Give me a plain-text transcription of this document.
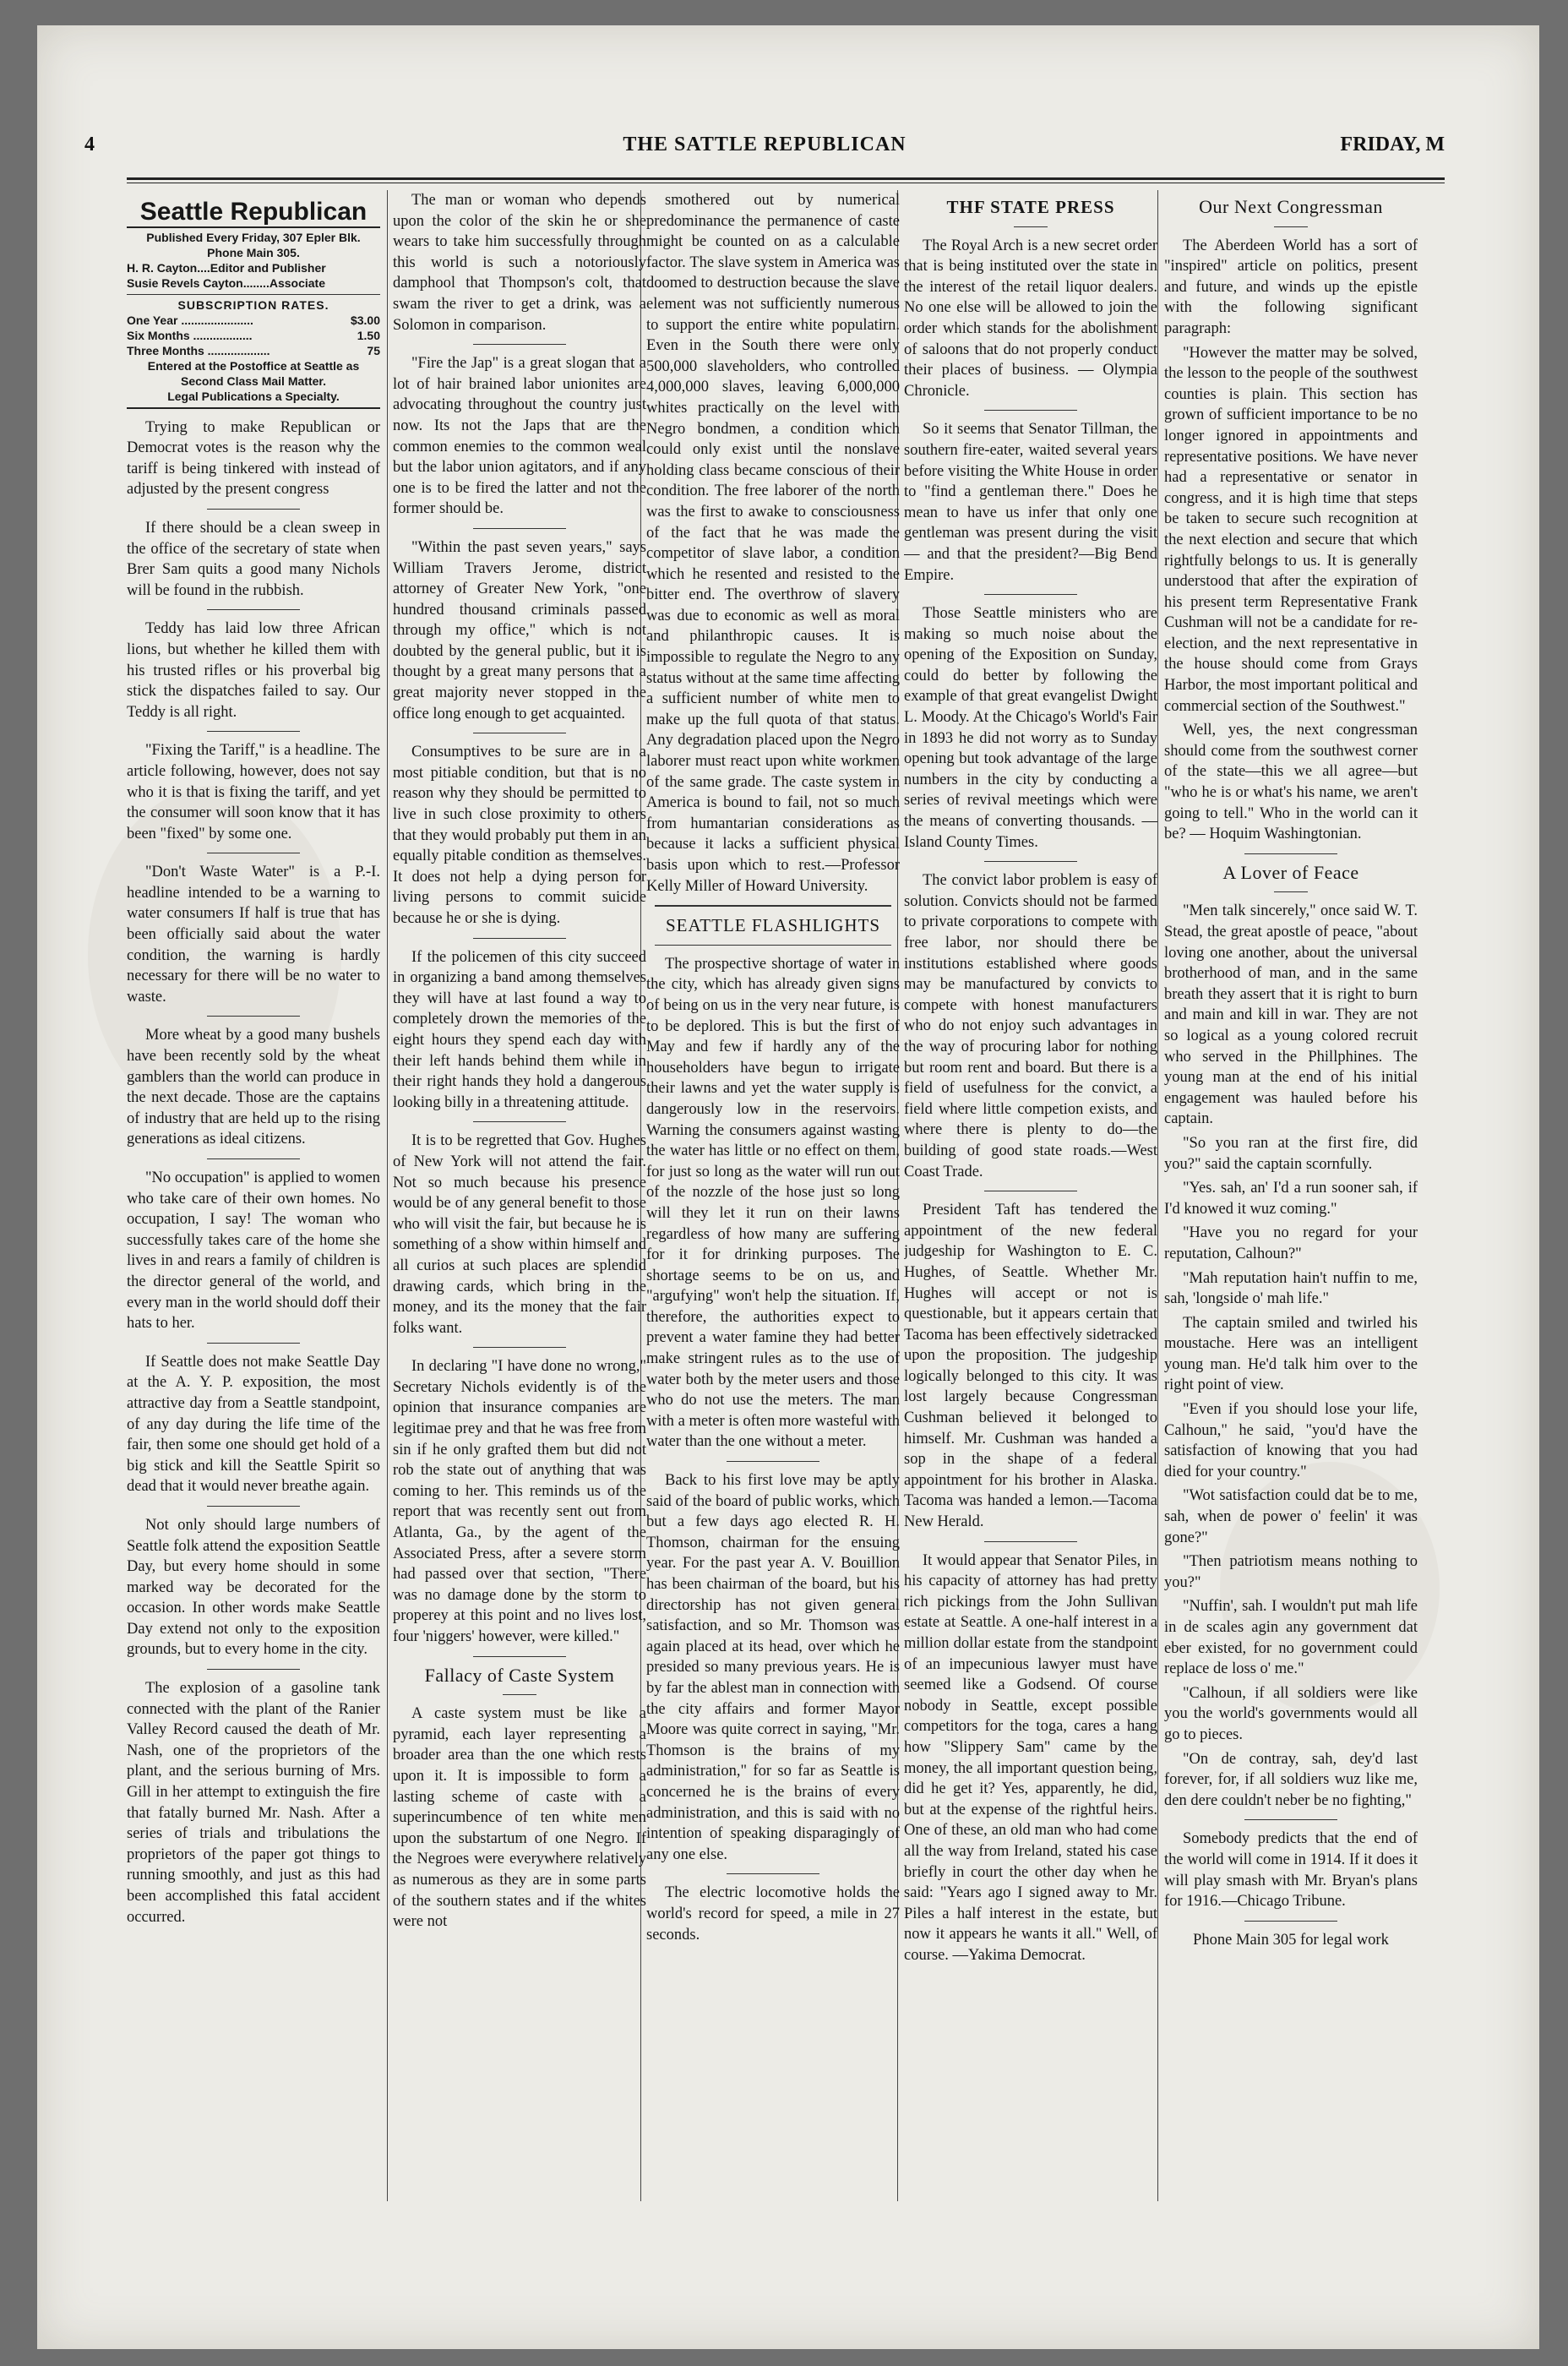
4	THE SATTLE REPUBLICAN	FRIDAY, M
Seattle Republican
Published Every Friday, 307 Epler Blk.
Phone Main 305.
H. R. Cayton....Editor and Publisher
Susie Revels Cayton........Associate
SUBSCRIPTION RATES.
One Year ......................	$3.00
Six Months ..................	1.50
Three Months ...................	75
Entered at the Postoffice at Seattle as Second Class Mail Matter.
Legal Publications a Specialty.

Trying to make Republican or Democrat votes is the reason why the tariff is being tinkered with instead of adjusted by the present congress

If there should be a clean sweep in the office of the secretary of state when Brer Sam quits a good many Nichols will be found in the rubbish.

Teddy has laid low three African lions, but whether he killed them with his trusted rifles or his proverbal big stick the dispatches failed to say. Our Teddy is all right.

"Fixing the Tariff," is a headline. The article following, however, does not say who it is that is fixing the tariff, and yet the consumer will soon know that it has been "fixed" by some one.

"Don't Waste Water" is a P.-I. headline intended to be a warning to water consumers If half is true that has been officially said about the water condition, the warning is hardly necessary for there will be no water to waste.

More wheat by a good many bushels have been recently sold by the wheat gamblers than the world can produce in the next decade. Those are the captains of industry that are held up to the rising generations as ideal citizens.

"No occupation" is applied to women who take care of their own homes. No occupation, I say! The woman who successfully takes care of the home she lives in and rears a family of children is the director general of the world, and every man in the world should doff their hats to her.

If Seattle does not make Seattle Day at the A. Y. P. exposition, the most attractive day from a Seattle standpoint, of any day during the life time of the fair, then some one should get hold of a big stick and kill the Seattle Spirit so dead that it would never breathe again.

Not only should large numbers of Seattle folk attend the exposition Seattle Day, but every home should in some marked way be decorated for the occasion. In other words make Seattle Day extend not only to the exposition grounds, but to every home in the city.

The explosion of a gasoline tank connected with the plant of the Ranier Valley Record caused the death of Mr. Nash, one of the proprietors of the plant, and the serious burning of Mrs. Gill in her attempt to extinguish the fire that fatally burned Mr. Nash. After a series of trials and tribulations the proprietors of the paper got things to running smoothly, and just as this had been accomplished this fatal accident occurred.

The man or woman who depends upon the color of the skin he or she wears to take him successfully through this world is such a notoriously damphool that Thompson's colt, that swam the river to get a drink, was a Solomon in comparison.

"Fire the Jap" is a great slogan that a lot of hair brained labor unionites are advocating throughout the country just now. Its not the Japs that are the common enemies to the common weal but the labor union agitators, and if any one is to be fired the latter and not the former should be.

"Within the past seven years," says William Travers Jerome, district attorney of Greater New York, "one hundred thousand criminals passed through my office," which is not doubted by the general public, but it is thought by a great many persons that a great majority never stopped in the office long enough to get acquainted.

Consumptives to be sure are in a most pitiable condition, but that is no reason why they should be permitted to live in such close proximity to others that they would probably put them in an equally pitable condition as themselves. It does not help a dying person for living persons to commit suicide because he or she is dying.

If the policemen of this city succeed in organizing a band among themselves they will have at last found a way to completely drown the memories of the eight hours they spend each day with their left hands behind them while in their right hands they hold a dangerous looking billy in a threatening attitude.

It is to be regretted that Gov. Hughes of New York will not attend the fair. Not so much because his presence would be of any general benefit to those who will visit the fair, but because he is something of a show within himself and all curios at such places are splendid drawing cards, which bring in the money, and its the money that the fair folks want.

In declaring "I have done no wrong," Secretary Nichols evidently is of the opinion that insurance companies are legitimae prey and that he was free from sin if he only grafted them but did not rob the state out of anything that was coming to her. This reminds us of the report that was recently sent out from Atlanta, Ga., by the agent of the Associated Press, after a severe storm had passed over that section, "There was no damage done by the storm to properey at this point and no lives lost, four 'niggers' however, were killed."

Fallacy of Caste System

A caste system must be like a pyramid, each layer representing a broader area than the one which rests upon it. It is impossible to form a lasting scheme of caste with a superincumbence of ten white men upon the substartum of one Negro. If the Negroes were everywhere relatively as numerous as they are in some parts of the southern states and if the whites were not

smothered out by numerical predominance the permanence of caste might be counted on as a calculable factor. The slave system in America was doomed to destruction because the slave element was not sufficiently numerous to support the entire white populatirn. Even in the South there were only 500,000 slaveholders, who controlled 4,000,000 slaves, leaving 6,000,000 whites practically on the level with Negro bondmen, a condition which could only exist until the nonslave holding class became conscious of their condition. The free laborer of the north was the first to awake to consciousness of the fact that he was made the competitor of slave labor, a condition which he resented and resisted to the bitter end. The overthrow of slavery was due to economic as well as moral and philanthropic causes. It is impossible to regulate the Negro to any status without at the same time affecting a sufficient number of white men to make up the full quota of that status. Any degradation placed upon the Negro laborer must react upon white workmen of the same grade. The caste system in America is bound to fail, not so much from humantarian considerations as because it lacks a sufficient physical basis upon which to rest.—Professor Kelly Miller of Howard University.

SEATTLE FLASHLIGHTS

The prospective shortage of water in the city, which has already given signs of being on us in the very near future, is to be deplored. This is but the first of May and few if hardly any of the householders have begun to irrigate their lawns and yet the water supply is dangerously low in the reservoirs. Warning the consumers against wasting the water has little or no effect on them, for just so long as the water will run out of the nozzle of the hose just so long will they let it run on their lawns regardless of how many are suffering for it for drinking purposes. The shortage seems to be on us, and "argufying" won't help the situation. If, therefore, the authorities expect to prevent a water famine they had better make stringent rules as to the use of water both by the meter users and those who do not use the meters. The man with a meter is often more wasteful with water than the one without a meter.

Back to his first love may be aptly said of the board of public works, which but a few days ago elected R. H. Thomson, chairman for the ensuing year. For the past year A. V. Bouillion has been chairman of the board, but his directorship has not given general satisfaction, and so Mr. Thomson was again placed at its head, over which he presided so many previous years. He is by far the ablest man in connection with the city affairs and former Mayor Moore was quite correct in saying, "Mr. Thomson is the brains of my administration," for so far as Seattle is concerned he is the brains of every administration, and this is said with no intention of speaking disparagingly of any one else.

The electric locomotive holds the world's record for speed, a mile in 27 seconds.

THF STATE PRESS

The Royal Arch is a new secret order that is being instituted over the state in the interest of the retail liquor dealers. No one else will be allowed to join the order which stands for the abolishment of saloons that do not properly conduct their places of business. — Olympia Chronicle.

So it seems that Senator Tillman, the southern fire-eater, waited several years before visiting the White House in order to "find a gentleman there." Does he mean to have us infer that only one gentleman was present during the visit — and that the president?—Big Bend Empire.

Those Seattle ministers who are making so much noise about the opening of the Exposition on Sunday, could do better by following the example of that great evangelist Dwight L. Moody. At the Chicago's World's Fair in 1893 he did not worry as to Sunday opening but took advantage of the large numbers in the city by conducting a series of revival meetings which were the means of converting thousands. —Island County Times.

The convict labor problem is easy of solution. Convicts should not be farmed to private corporations to compete with free labor, nor should there be institutions established where goods may be manufactured by convicts to compete with honest manufacturers who do not enjoy such advantages in the way of procuring labor for nothing but room rent and board. But there is a field of usefulness for the convict, a field where little competion exists, and where there is plenty to do—the building of good state roads.—West Coast Trade.

President Taft has tendered the appointment of the new federal judgeship for Washington to E. C. Hughes, of Seattle. Whether Mr. Hughes will accept or not is questionable, but it appears certain that Tacoma has been effectively sidetracked upon the proposition. The judgeship logically belonged to this city. It was lost largely because Congressman Cushman believed it belonged to himself. Mr. Cushman was handed a sop in the shape of a federal appointment for his brother in Alaska. Tacoma was handed a lemon.—Tacoma New Herald.

It would appear that Senator Piles, in his capacity of attorney has had pretty rich pickings from the John Sullivan estate at Seattle. A one-half interest in a million dollar estate from the standpoint of an impecunious lawyer must have seemed like a Godsend. Of course nobody in Seattle, except possible competitors for the toga, cares a hang how "Slippery Sam" came by the money, the all important question being, did he get it? Yes, apparently, he did, but at the expense of the rightful heirs. One of these, an old man who had come all the way from Ireland, stated his case briefly in court the other day when he said: "Years ago I signed away to Mr. Piles a half interest in the estate, but now it appears he wants it all." Well, of course. —Yakima Democrat.

Our Next Congressman

The Aberdeen World has a sort of "inspired" article on politics, present and future, and winds up the epistle with the following significant paragraph:

"However the matter may be solved, the lesson to the people of the southwest counties is plain. This section has grown of sufficient importance to be no longer ignored in appointments and representative positions. We have never had a representative or senator in congress, and it is high time that steps be taken to secure such recognition at the next election and secure that which rightfully belongs to us. It is generally understood that after the expiration of his present term Representative Frank Cushman will not be a candidate for re-election, and the next representative in the house should come from Grays Harbor, the most important political and commercial section of the Southwest."

Well, yes, the next congressman should come from the southwest corner of the state—this we all agree—but "who he is or what's his name, we aren't going to tell." Who in the world can it be? — Hoquim Washingtonian.

A Lover of Feace

"Men talk sincerely," once said W. T. Stead, the great apostle of peace, "about loving one another, about the universal brotherhood of man, and in the same breath they assert that it is right to burn and main and kill in war. They are not so logical as a young colored recruit who served in the Phillphines. The young man at the end of his initial engagement was hauled before his captain.

"So you ran at the first fire, did you?" said the captain scornfully.

"Yes. sah, an' I'd a run sooner sah, if I'd knowed it wuz coming."

"Have you no regard for your reputation, Calhoun?"

"Mah reputation hain't nuffin to me, sah, 'longside o' mah life."

The captain smiled and twirled his moustache. Here was an intelligent young man. He'd talk him over to the right point of view.

"Even if you should lose your life, Calhoun," he said, "you'd have the satisfaction of knowing that you had died for your country."

"Wot satisfaction could dat be to me, sah, when de power o' feelin' it was gone?"

"Then patriotism means nothing to you?"

"Nuffin', sah. I wouldn't put mah life in de scales agin any government dat eber existed, for no government could replace de loss o' me."

"Calhoun, if all soldiers were like you the world's governments would all go to pieces.

"On de contray, sah, dey'd last forever, for, if all soldiers wuz like me, den dere couldn't neber be no fighting,"

Somebody predicts that the end of the world will come in 1914. If it does it will play smash with Mr. Bryan's plans for 1916.—Chicago Tribune.

Phone Main 305 for legal work
